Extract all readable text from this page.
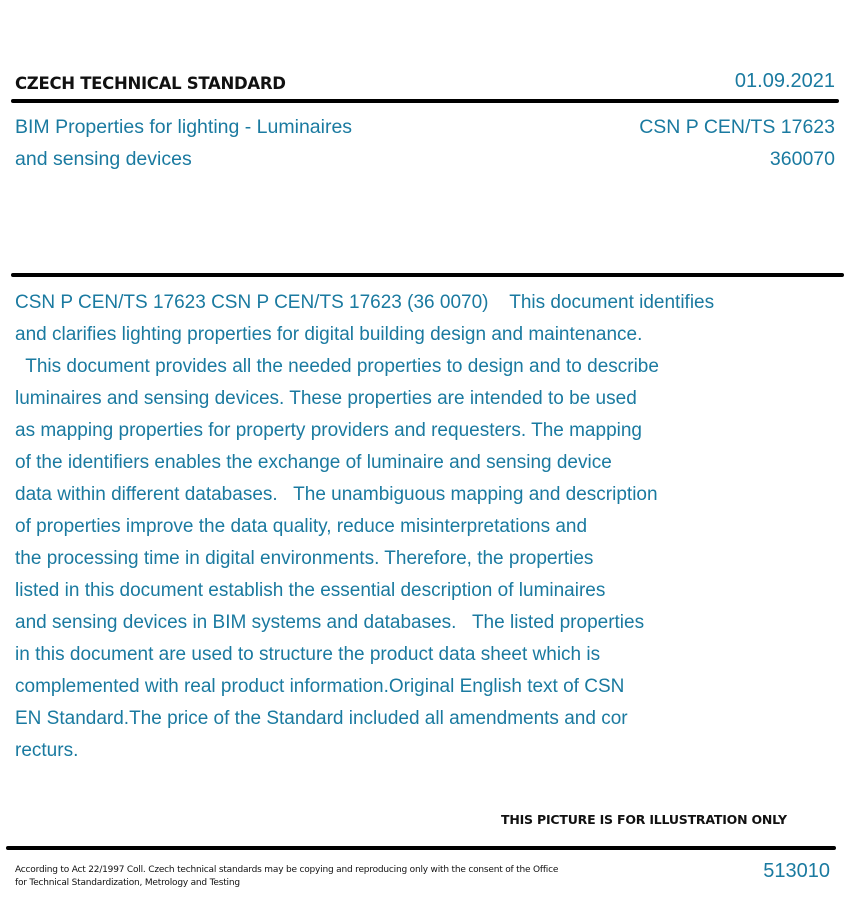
CZECH TECHNICAL STANDARD	01.09.2021
BIM Properties for lighting - Luminaires
and sensing devices
CSN P CEN/TS 17623
360070
CSN P CEN/TS 17623 CSN P CEN/TS 17623 (36 0070)    This document identifies
and clarifies lighting properties for digital building design and maintenance.
This document provides all the needed properties to design and to describe
luminaires and sensing devices. These properties are intended to be used
as mapping properties for property providers and requesters. The mapping
of the identifiers enables the exchange of luminaire and sensing device
data within different databases.   The unambiguous mapping and description
of properties improve the data quality, reduce misinterpretations and
the processing time in digital environments. Therefore, the properties
listed in this document establish the essential description of luminaires
and sensing devices in BIM systems and databases.   The listed properties
in this document are used to structure the product data sheet which is
complemented with real product information.Original English text of CSN
EN Standard.The price of the Standard included all amendments and cor
recturs.
THIS PICTURE IS FOR ILLUSTRATION ONLY
According to Act 22/1997 Coll. Czech technical standards may be copying and reproducing only with the consent of the Office
for Technical Standardization, Metrology and Testing
513010
